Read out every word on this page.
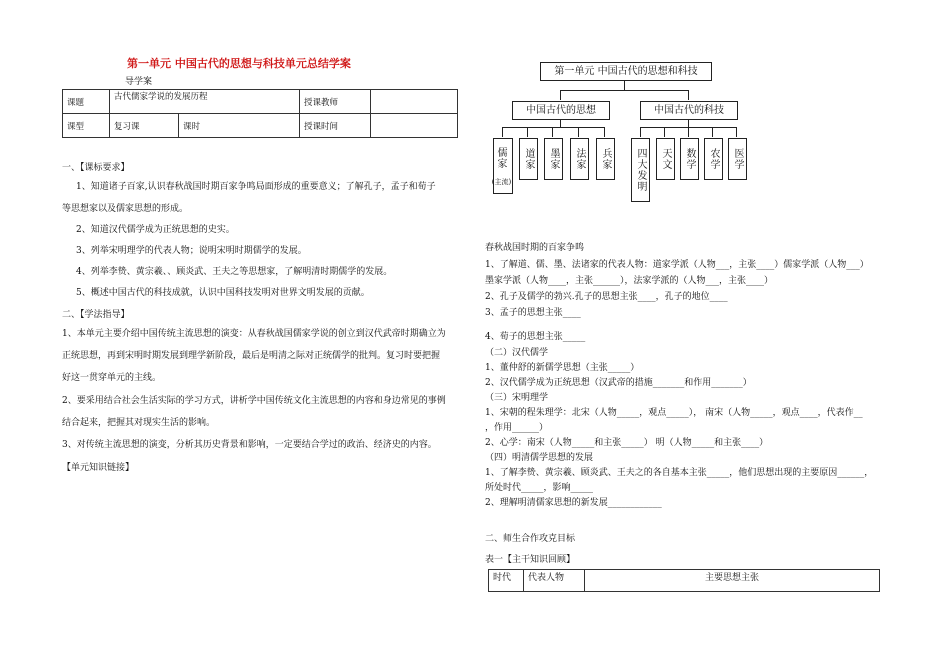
第一单元 中国古代的思想与科技单元总结学案
导学案
课题	古代儒家学说的发展历程		授课教师	
课型	复习课	课时	授课时间	
一、【课标要求】
1、知道诸子百家,认识春秋战国时期百家争鸣局面形成的重要意义；了解孔子，孟子和荀子
等思想家以及儒家思想的形成。
2、知道汉代儒学成为正统思想的史实。
3、列举宋明理学的代表人物；说明宋明时期儒学的发展。
4、列举李贽、黄宗羲、、顾炎武、王夫之等思想家，了解明清时期儒学的发展。
5、概述中国古代的科技成就，认识中国科技发明对世界文明发展的贡献。
二、【学法指导】
1、本单元主要介绍中国传统主流思想的演变：从春秋战国儒家学说的创立到汉代武帝时期确立为
正统思想，再到宋明时期发展到理学新阶段，最后是明清之际对正统儒学的批判。复习时要把握
好这一贯穿单元的主线。
2、要采用结合社会生活实际的学习方式，讲析学中国传统文化主流思想的内容和身边常见的事例
结合起来，把握其对现实生活的影响。
3、对传统主流思想的演变，分析其历史背景和影响，一定要结合学过的政治、经济史的内容。
【单元知识链接】
第一单元 中国古代的思想和科技
中国古代的思想	中国古代的科技
儒家
(主流)
道家	墨家	法家	兵家	四大发明	天文	数学	农学	医学
春秋战国时期的百家争鸣
1、了解道、儒、墨、法诸家的代表人物：道家学派（人物___，主张____）儒家学派（人物___）
墨家学派（人物____，主张______），法家学派的（人物___，主张____）
2、孔子及儒学的勃兴.孔子的思想主张____，孔子的地位____
3、孟子的思想主张____
4、荀子的思想主张_____
（二）汉代儒学
1、董仲舒的新儒学思想（主张_____）
2、汉代儒学成为正统思想（汉武帝的措施_______和作用_______）
（三）宋明理学
1、宋朝的程朱理学：北宋（人物_____，观点_____）， 南宋（人物_____，观点____，代表作__
，作用______）
2、心学：南宋（人物_____和主张_____） 明（人物_____和主张____）
（四）明清儒学思想的发展
1、了解李贽、黄宗羲、顾炎武、王夫之的各自基本主张_____，他们思想出现的主要原因______，
所处时代_____，影响_____
2、理解明清儒家思想的新发展____________
二、师生合作攻克目标
表一【主干知识回顾】
时代	代表人物	主要思想主张
